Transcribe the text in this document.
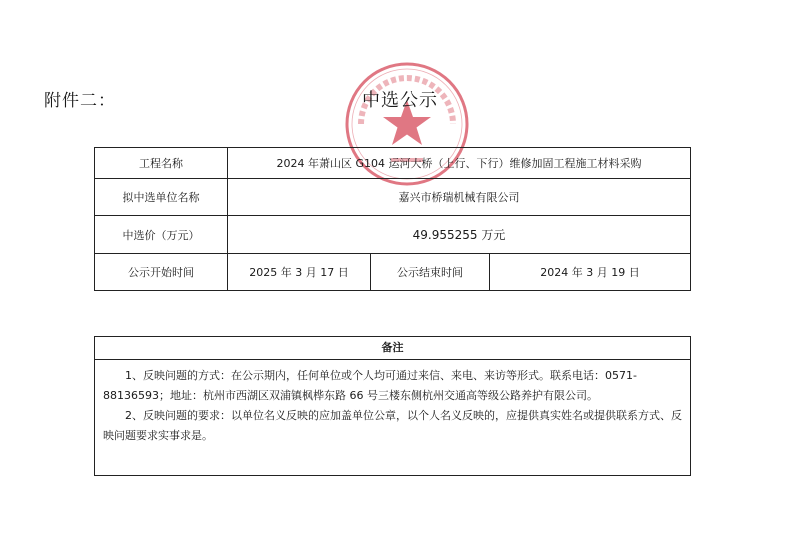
附件二：	中选公示
工程名称	2024 年萧山区 G104 运河大桥（上行、下行）维修加固工程施工材料采购		
拟中选单位名称	嘉兴市桥瑞机械有限公司		
中选价（万元）	49.955255 万元		
公示开始时间	2025 年 3 月 17 日	公示结束时间	2024 年 3 月 19 日
备注

1、反映问题的方式：在公示期内，任何单位或个人均可通过来信、来电、来访等形式。联系电话：0571-88136593；地址：杭州市西湖区双浦镇枫桦东路 66 号三楼东侧杭州交通高等级公路养护有限公司。

2、反映问题的要求：以单位名义反映的应加盖单位公章，以个人名义反映的，应提供真实姓名或提供联系方式、反映问题要求实事求是。
